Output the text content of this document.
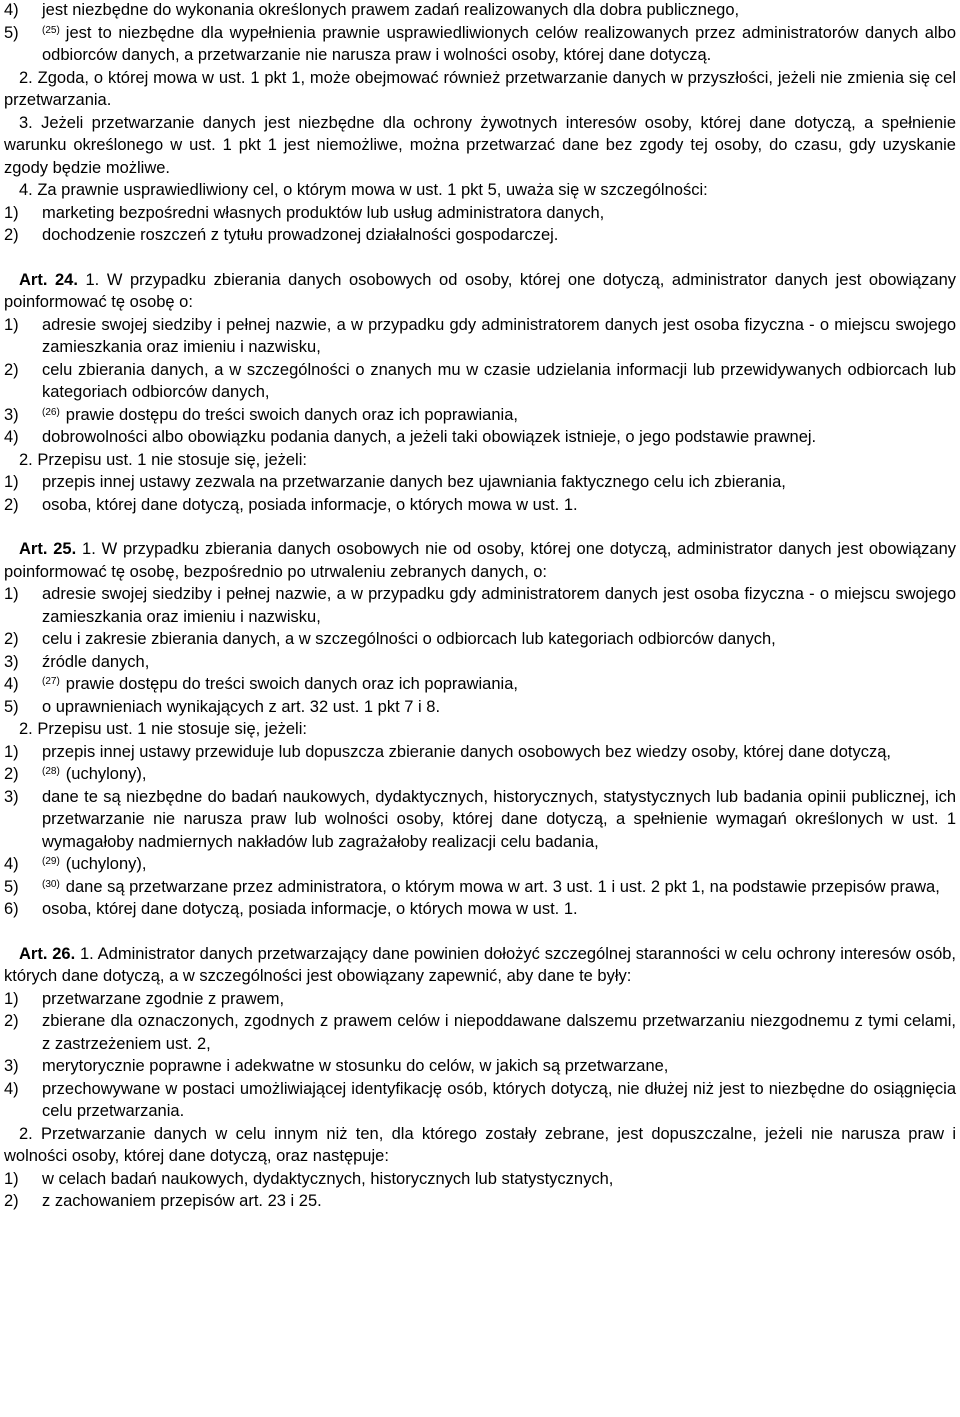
4)	jest niezbędne do wykonania określonych prawem zadań realizowanych dla dobra publicznego,
5)	$^{(25)}$ jest to niezbędne dla wypełnienia prawnie usprawiedliwionych celów realizowanych przez administratorów danych albo odbiorców danych, a przetwarzanie nie narusza praw i wolności osoby, której dane dotyczą.

2. Zgoda, o której mowa w ust. 1 pkt 1, może obejmować również przetwarzanie danych w przyszłości, jeżeli nie zmienia się cel przetwarzania.

3. Jeżeli przetwarzanie danych jest niezbędne dla ochrony żywotnych interesów osoby, której dane dotyczą, a spełnienie warunku określonego w ust. 1 pkt 1 jest niemożliwe, można przetwarzać dane bez zgody tej osoby, do czasu, gdy uzyskanie zgody będzie możliwe.

4. Za prawnie usprawiedliwiony cel, o którym mowa w ust. 1 pkt 5, uważa się w szczególności:

1)	marketing bezpośredni własnych produktów lub usług administratora danych,
2)	dochodzenie roszczeń z tytułu prowadzonej działalności gospodarczej.

Art. 24. 1. W przypadku zbierania danych osobowych od osoby, której one dotyczą, administrator danych jest obowiązany poinformować tę osobę o:

1)	adresie swojej siedziby i pełnej nazwie, a w przypadku gdy administratorem danych jest osoba fizyczna - o miejscu swojego zamieszkania oraz imieniu i nazwisku,
2)	celu zbierania danych, a w szczególności o znanych mu w czasie udzielania informacji lub przewidywanych odbiorcach lub kategoriach odbiorców danych,
3)	$^{(26)}$ prawie dostępu do treści swoich danych oraz ich poprawiania,
4)	dobrowolności albo obowiązku podania danych, a jeżeli taki obowiązek istnieje, o jego podstawie prawnej.

2. Przepisu ust. 1 nie stosuje się, jeżeli:

1)	przepis innej ustawy zezwala na przetwarzanie danych bez ujawniania faktycznego celu ich zbierania,
2)	osoba, której dane dotyczą, posiada informacje, o których mowa w ust. 1.

Art. 25. 1. W przypadku zbierania danych osobowych nie od osoby, której one dotyczą, administrator danych jest obowiązany poinformować tę osobę, bezpośrednio po utrwaleniu zebranych danych, o:

1)	adresie swojej siedziby i pełnej nazwie, a w przypadku gdy administratorem danych jest osoba fizyczna - o miejscu swojego zamieszkania oraz imieniu i nazwisku,
2)	celu i zakresie zbierania danych, a w szczególności o odbiorcach lub kategoriach odbiorców danych,
3)	źródle danych,
4)	$^{(27)}$ prawie dostępu do treści swoich danych oraz ich poprawiania,
5)	o uprawnieniach wynikających z art. 32 ust. 1 pkt 7 i 8.

2. Przepisu ust. 1 nie stosuje się, jeżeli:

1)	przepis innej ustawy przewiduje lub dopuszcza zbieranie danych osobowych bez wiedzy osoby, której dane dotyczą,
2)	$^{(28)}$ (uchylony),
3)	dane te są niezbędne do badań naukowych, dydaktycznych, historycznych, statystycznych lub badania opinii publicznej, ich przetwarzanie nie narusza praw lub wolności osoby, której dane dotyczą, a spełnienie wymagań określonych w ust. 1 wymagałoby nadmiernych nakładów lub zagrażałoby realizacji celu badania,
4)	$^{(29)}$ (uchylony),
5)	$^{(30)}$ dane są przetwarzane przez administratora, o którym mowa w art. 3 ust. 1 i ust. 2 pkt 1, na podstawie przepisów prawa,
6)	osoba, której dane dotyczą, posiada informacje, o których mowa w ust. 1.

Art. 26. 1. Administrator danych przetwarzający dane powinien dołożyć szczególnej staranności w celu ochrony interesów osób, których dane dotyczą, a w szczególności jest obowiązany zapewnić, aby dane te były:

1)	przetwarzane zgodnie z prawem,
2)	zbierane dla oznaczonych, zgodnych z prawem celów i niepoddawane dalszemu przetwarzaniu niezgodnemu z tymi celami, z zastrzeżeniem ust. 2,
3)	merytorycznie poprawne i adekwatne w stosunku do celów, w jakich są przetwarzane,
4)	przechowywane w postaci umożliwiającej identyfikację osób, których dotyczą, nie dłużej niż jest to niezbędne do osiągnięcia celu przetwarzania.

2. Przetwarzanie danych w celu innym niż ten, dla którego zostały zebrane, jest dopuszczalne, jeżeli nie narusza praw i wolności osoby, której dane dotyczą, oraz następuje:

1)	w celach badań naukowych, dydaktycznych, historycznych lub statystycznych,
2)	z zachowaniem przepisów art. 23 i 25.
